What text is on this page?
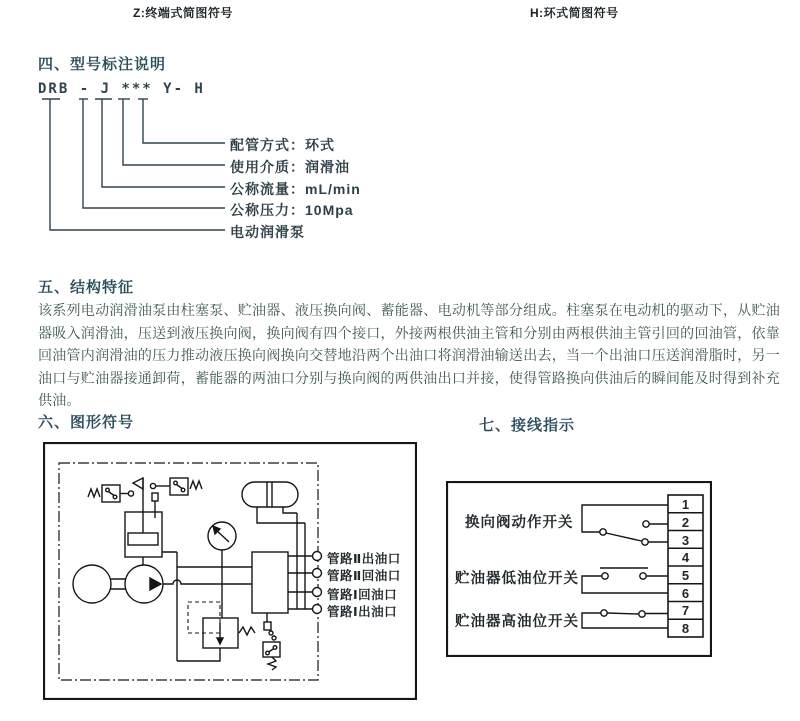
Z:终端式简图符号	H:环式简图符号
四、型号标注说明
DRB - J *** Y- H
配管方式：环式
使用介质：润滑油
公称流量：mL/min
公称压力：10Mpa
电动润滑泵
五、结构特征
该系列电动润滑油泵由柱塞泵、贮油器、液压换向阀、蓄能器、电动机等部分组成。柱塞泵在电动机的驱动下，从贮油器吸入润滑油，压送到液压换向阀，换向阀有四个接口，外接两根供油主管和分别由两根供油主管引回的回油管，依靠回油管内润滑油的压力推动液压换向阀换向交替地沿两个出油口将润滑油输送出去，当一个出油口压送润滑脂时，另一油口与贮油器接通卸荷，蓄能器的两油口分别与换向阀的两供油出口并接，使得管路换向供油后的瞬间能及时得到补充供油。
六、图形符号	七、接线指示
管路Ⅱ出油口
管路Ⅱ回油口
管路Ⅰ回油口
管路Ⅰ出油口
换向阀动作开关
贮油器低油位开关
贮油器高油位开关
1
2
3
4
5
6
7
8
